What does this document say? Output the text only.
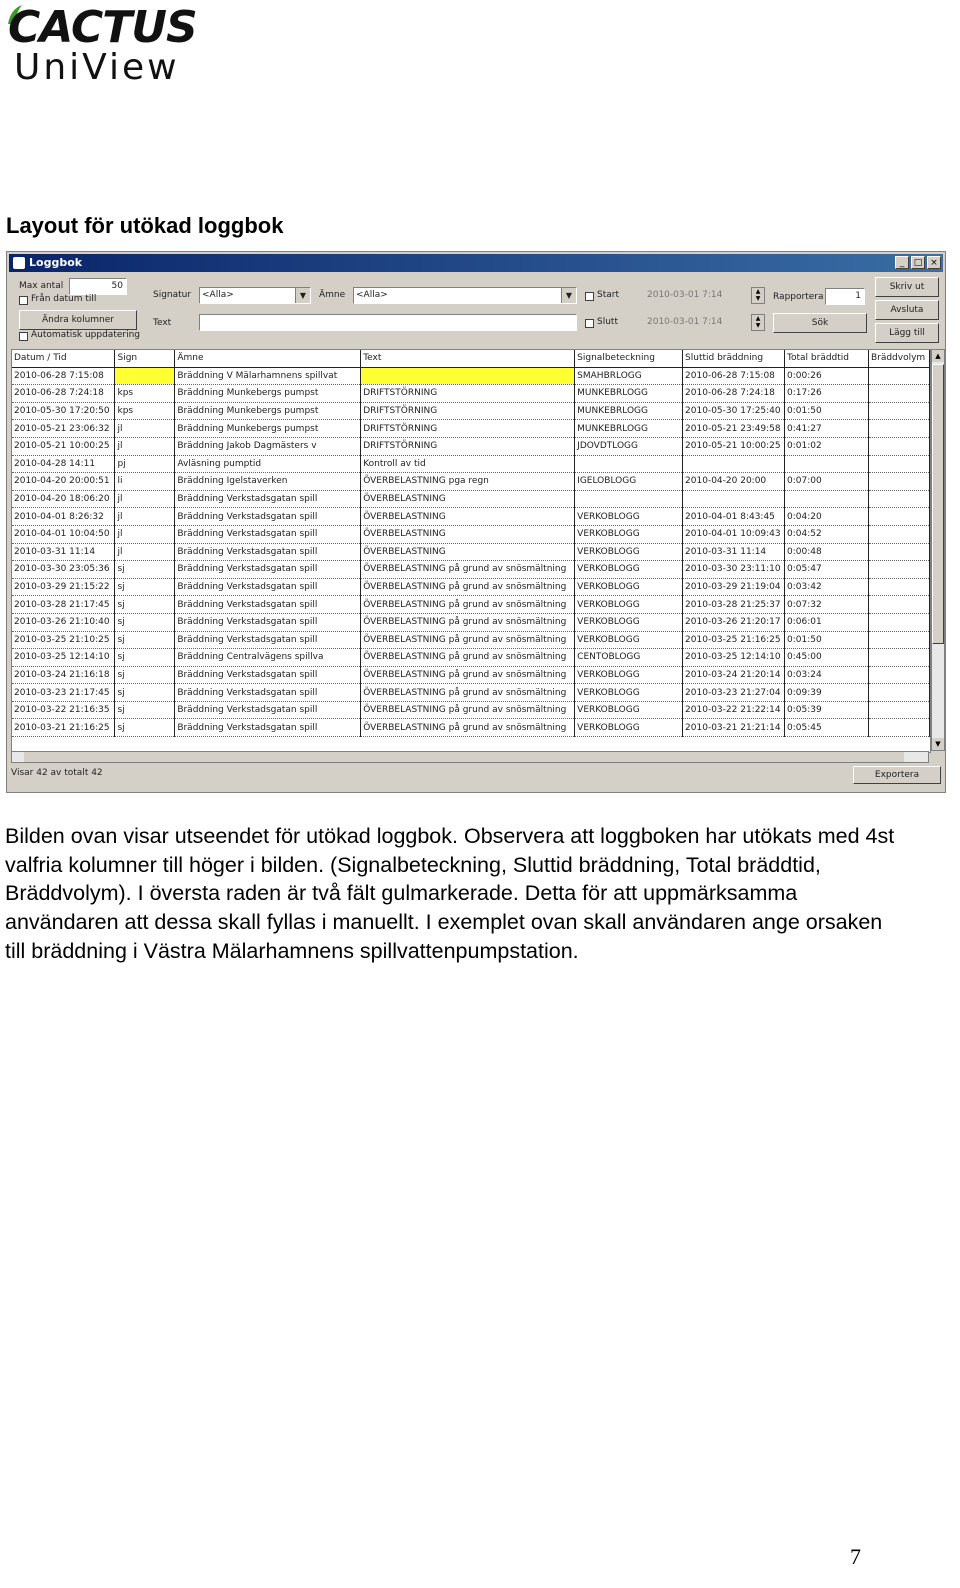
CACTUS
UniView
Layout för utökad loggbok
Loggbok	_	□ ×
Max antal	50
Från datum till
Ändra kolumner
Automatisk uppdatering
Signatur	<Alla>	▼	Ämne	<Alla>	▼
Text
Start	2010-03-01 7:14	▲
▼
Slutt	2010-03-01 7:14	▲
▼
Rapportera	1
Sök
Skriv ut
Avsluta
Lägg till
Datum / Tid	Sign	Ämne	Text	Signalbeteckning	Sluttid bräddning	Total bräddtid	Bräddvolym
2010-06-28 7:15:08		Bräddning V Mälarhamnens spillvat		SMAHBRLOGG	2010-06-28 7:15:08	0:00:26	
2010-06-28 7:24:18	kps	Bräddning Munkebergs pumpst	DRIFTSTÖRNING	MUNKEBRLOGG	2010-06-28 7:24:18	0:17:26	
2010-05-30 17:20:50	kps	Bräddning Munkebergs pumpst	DRIFTSTÖRNING	MUNKEBRLOGG	2010-05-30 17:25:40	0:01:50	
2010-05-21 23:06:32	jl	Bräddning Munkebergs pumpst	DRIFTSTÖRNING	MUNKEBRLOGG	2010-05-21 23:49:58	0:41:27	
2010-05-21 10:00:25	jl	Bräddning Jakob Dagmästers v	DRIFTSTÖRNING	JDOVDTLOGG	2010-05-21 10:00:25	0:01:02	
2010-04-28 14:11	pj	Avläsning pumptid	Kontroll av tid				
2010-04-20 20:00:51	li	Bräddning Igelstaverken	ÖVERBELASTNING pga regn	IGELOBLOGG	2010-04-20 20:00	0:07:00	
2010-04-20 18:06:20	jl	Bräddning Verkstadsgatan spill	ÖVERBELASTNING				
2010-04-01 8:26:32	jl	Bräddning Verkstadsgatan spill	ÖVERBELASTNING	VERKOBLOGG	2010-04-01 8:43:45	0:04:20	
2010-04-01 10:04:50	jl	Bräddning Verkstadsgatan spill	ÖVERBELASTNING	VERKOBLOGG	2010-04-01 10:09:43	0:04:52	
2010-03-31 11:14	jl	Bräddning Verkstadsgatan spill	ÖVERBELASTNING	VERKOBLOGG	2010-03-31 11:14	0:00:48	
2010-03-30 23:05:36	sj	Bräddning Verkstadsgatan spill	ÖVERBELASTNING på grund av snösmältning	VERKOBLOGG	2010-03-30 23:11:10	0:05:47	
2010-03-29 21:15:22	sj	Bräddning Verkstadsgatan spill	ÖVERBELASTNING på grund av snösmältning	VERKOBLOGG	2010-03-29 21:19:04	0:03:42	
2010-03-28 21:17:45	sj	Bräddning Verkstadsgatan spill	ÖVERBELASTNING på grund av snösmältning	VERKOBLOGG	2010-03-28 21:25:37	0:07:32	
2010-03-26 21:10:40	sj	Bräddning Verkstadsgatan spill	ÖVERBELASTNING på grund av snösmältning	VERKOBLOGG	2010-03-26 21:20:17	0:06:01	
2010-03-25 21:10:25	sj	Bräddning Verkstadsgatan spill	ÖVERBELASTNING på grund av snösmältning	VERKOBLOGG	2010-03-25 21:16:25	0:01:50	
2010-03-25 12:14:10	sj	Bräddning Centralvägens spillva	ÖVERBELASTNING på grund av snösmältning	CENTOBLOGG	2010-03-25 12:14:10	0:45:00	
2010-03-24 21:16:18	sj	Bräddning Verkstadsgatan spill	ÖVERBELASTNING på grund av snösmältning	VERKOBLOGG	2010-03-24 21:20:14	0:03:24	
2010-03-23 21:17:45	sj	Bräddning Verkstadsgatan spill	ÖVERBELASTNING på grund av snösmältning	VERKOBLOGG	2010-03-23 21:27:04	0:09:39	
2010-03-22 21:16:35	sj	Bräddning Verkstadsgatan spill	ÖVERBELASTNING på grund av snösmältning	VERKOBLOGG	2010-03-22 21:22:14	0:05:39	
2010-03-21 21:16:25	sj	Bräddning Verkstadsgatan spill	ÖVERBELASTNING på grund av snösmältning	VERKOBLOGG	2010-03-21 21:21:14	0:05:45	
▲
▼
Visar 42 av totalt 42	Exportera
Bilden ovan visar utseendet för utökad loggbok. Observera att loggboken har utökats med 4st valfria kolumner till höger i bilden. (Signalbeteckning, Sluttid bräddning, Total bräddtid, Bräddvolym). I översta raden är två fält gulmarkerade. Detta för att uppmärksamma användaren att dessa skall fyllas i manuellt. I exemplet ovan skall användaren ange orsaken till bräddning i Västra Mälarhamnens spillvattenpumpstation.
7
